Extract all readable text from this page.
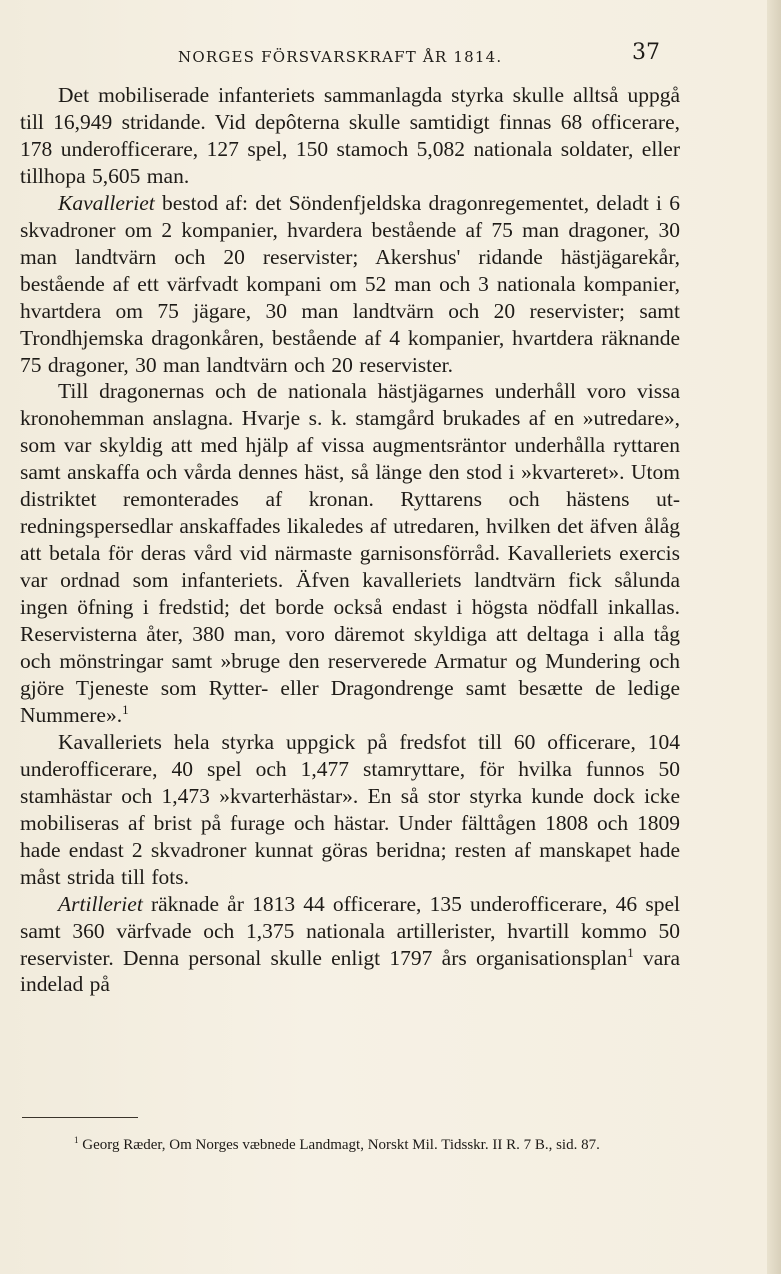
NORGES FÖRSVARSKRAFT ÅR 1814.	37

Det mobiliserade infanteriets sammanlagda styrka skulle alltså uppgå till 16,949 stridande. Vid depôterna skulle samtidigt finnas 68 officerare, 178 underofficerare, 127 spel, 150 stamoch 5,082 nationala soldater, eller tillhopa 5,605 man.

Kavalleriet bestod af: det Söndenfjeldska dragonregementet, deladt i 6 skvadroner om 2 kompanier, hvardera bestående af 75 man dragoner, 30 man landtvärn och 20 reservister; Akershus' ridande hästjägarekår, bestående af ett värfvadt kompani om 52 man och 3 nationala kompanier, hvartdera om 75 jägare, 30 man landtvärn och 20 reservister; samt Trondhjemska dragonkåren, bestående af 4 kompanier, hvartdera räknande 75 dragoner, 30 man landtvärn och 20 reservister.

Till dragonernas och de nationala hästjägarnes underhåll voro vissa kronohemman anslagna. Hvarje s. k. stamgård brukades af en »utredare», som var skyldig att med hjälp af vissa augmentsräntor underhålla ryttaren samt anskaffa och vårda dennes häst, så länge den stod i »kvarteret». Utom distriktet remonterades af kronan. Ryttarens och hästens utredningspersedlar anskaffades likaledes af utredaren, hvilken det äfven ålåg att betala för deras vård vid närmaste garnisonsförråd. Kavalleriets exercis var ordnad som infanteriets. Äfven kavalleriets landtvärn fick sålunda ingen öfning i fredstid; det borde också endast i högsta nödfall inkallas. Reservisterna åter, 380 man, voro däremot skyldiga att deltaga i alla tåg och mönstringar samt »bruge den reserverede Armatur og Mundering och gjöre Tjeneste som Rytter- eller Dragondrenge samt besætte de ledige Nummere».$^1$

Kavalleriets hela styrka uppgick på fredsfot till 60 officerare, 104 underofficerare, 40 spel och 1,477 stamryttare, för hvilka funnos 50 stamhästar och 1,473 »kvarterhästar». En så stor styrka kunde dock icke mobiliseras af brist på furage och hästar. Under fälttågen 1808 och 1809 hade endast 2 skvadroner kunnat göras beridna; resten af manskapet hade måst strida till fots.

Artilleriet räknade år 1813 44 officerare, 135 underofficerare, 46 spel samt 360 värfvade och 1,375 nationala artillerister, hvartill kommo 50 reservister. Denna personal skulle enligt 1797 års organisationsplan$^1$ vara indelad på

$^1$ Georg Ræder, Om Norges væbnede Landmagt, Norskt Mil. Tidsskr. II R. 7 B., sid. 87.
